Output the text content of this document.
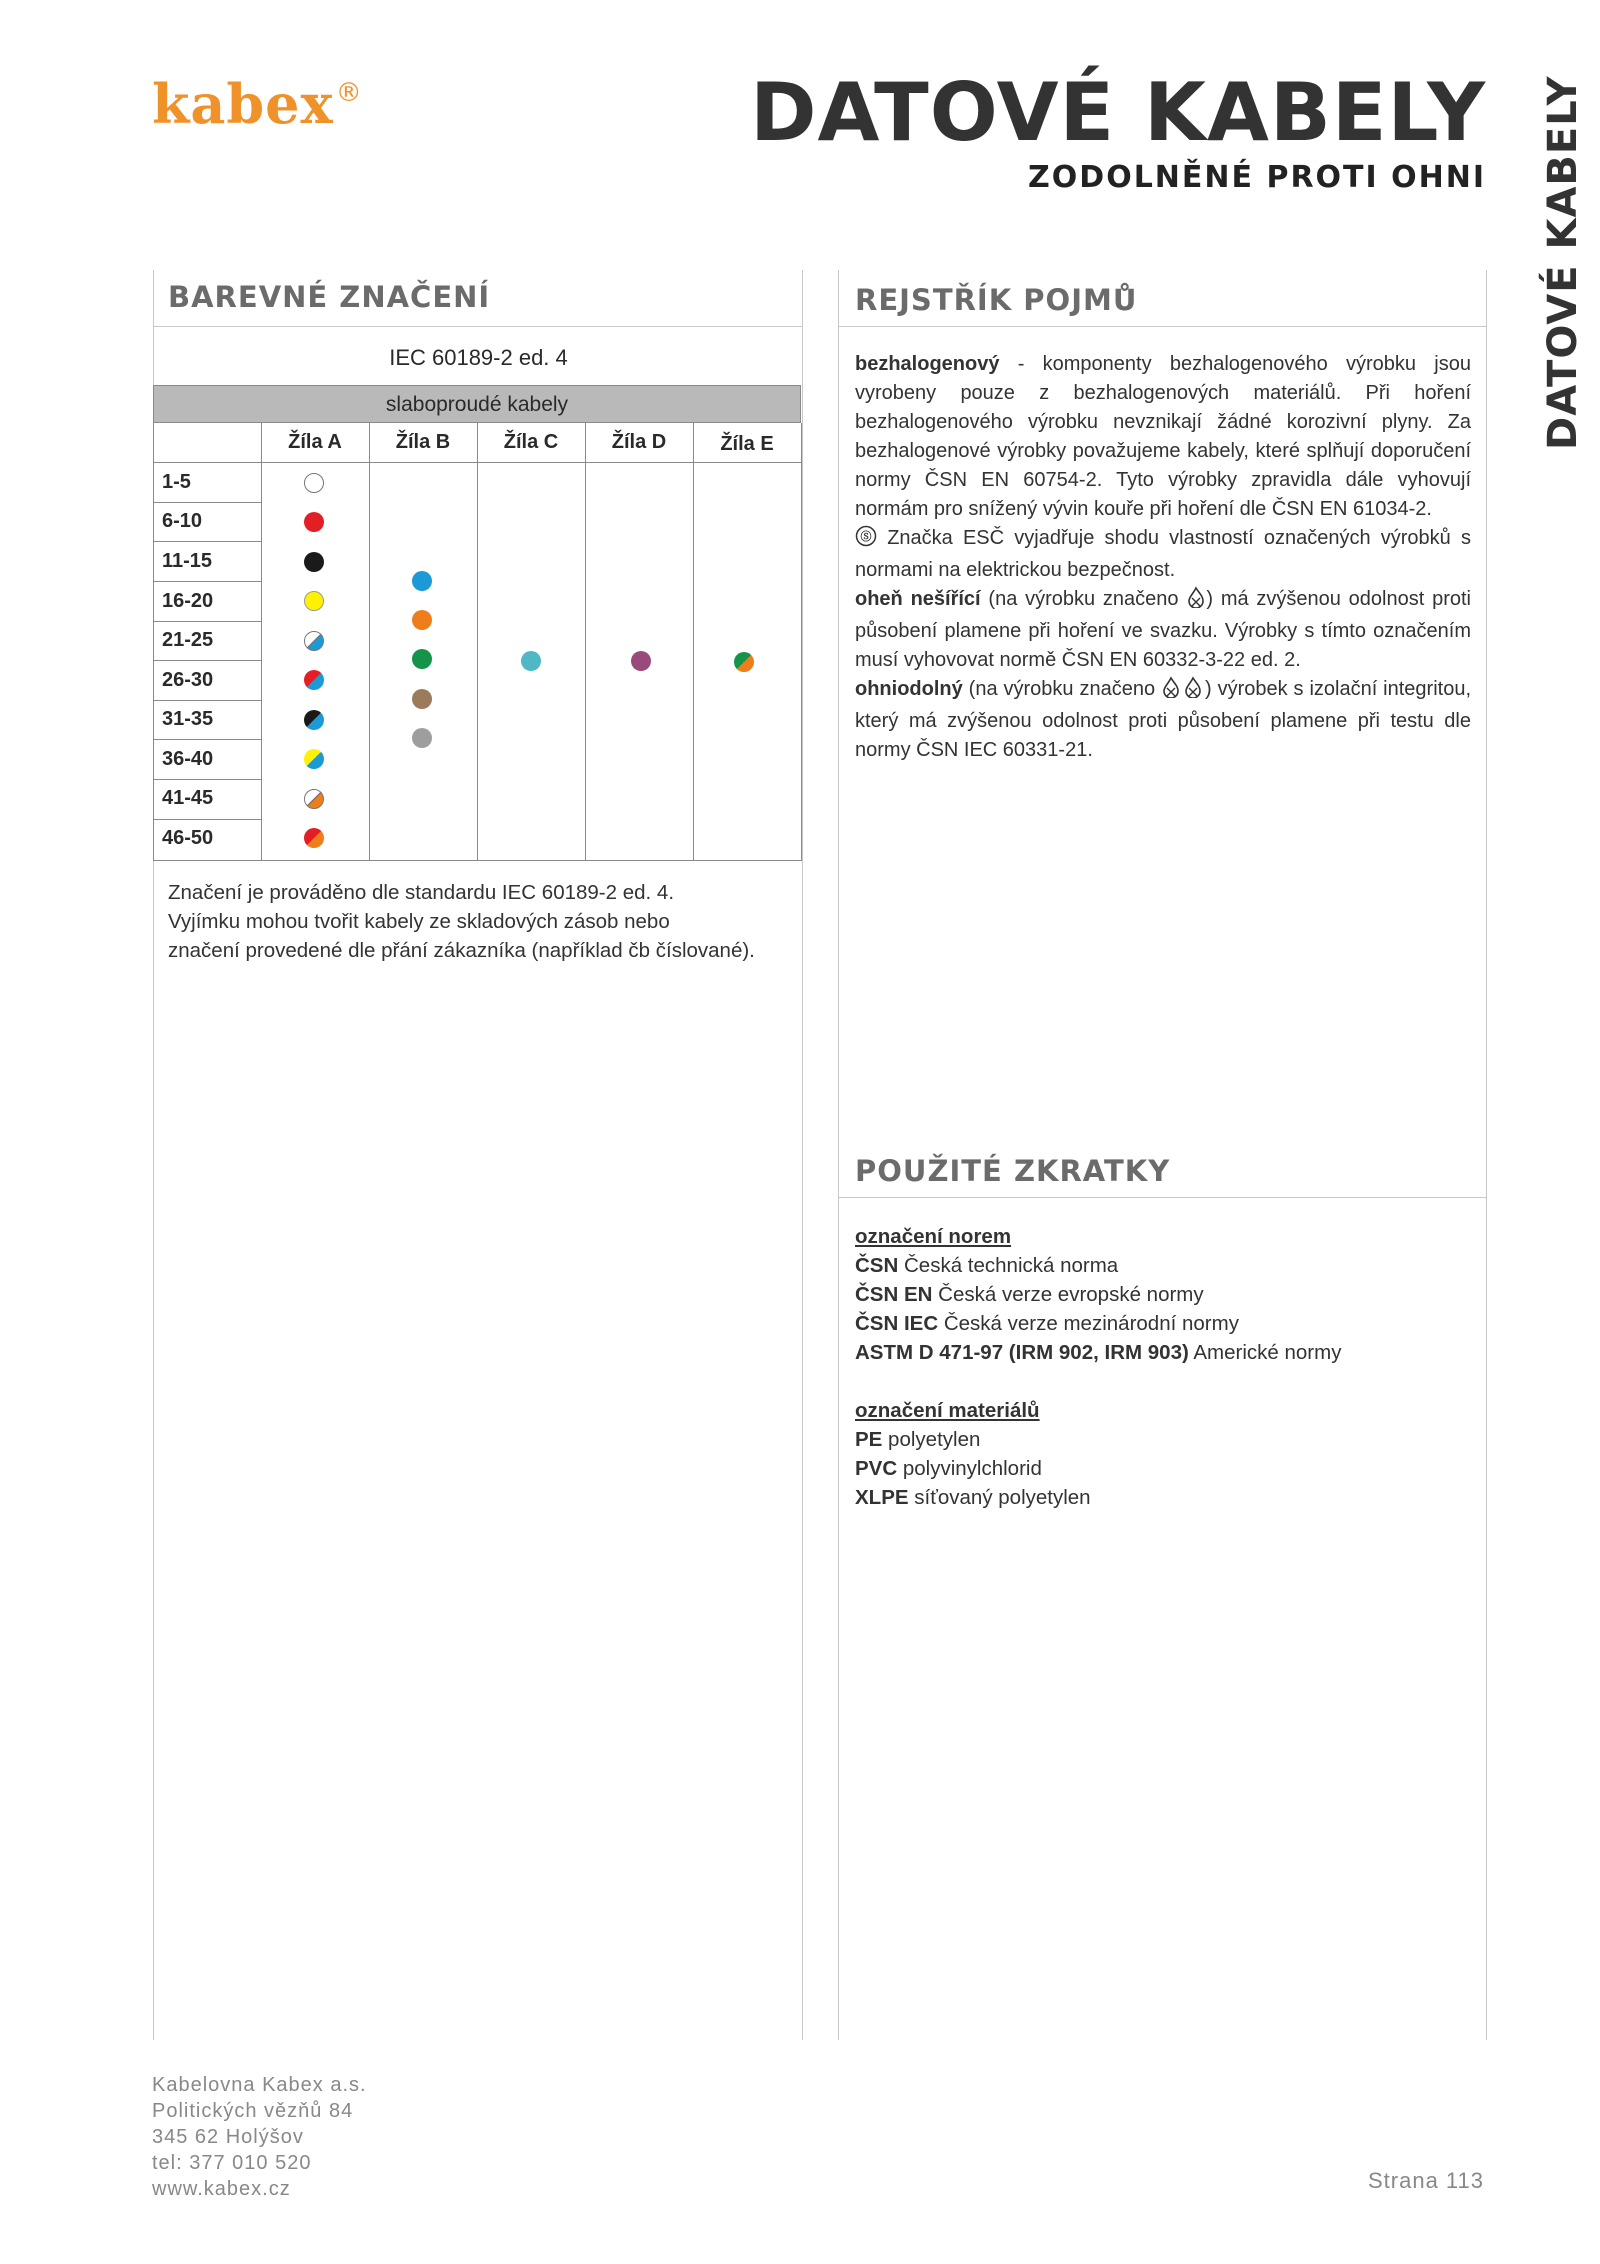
kabex®	DATOVÉ KABELY
ZODOLNĚNÉ PROTI OHNI DATOVÉ KABELY
BAREVNÉ ZNAČENÍ
IEC 60189-2 ed. 4
slaboproudé kabely
Žíla A	Žíla B	Žíla C	Žíla D	Žíla E
1-5
6-10
11-15
16-20
21-25
26-30
31-35
36-40
41-45
46-50
Značení je prováděno dle standardu IEC 60189-2 ed. 4.
Vyjímku mohou tvořit kabely ze skladových zásob nebo
značení provedené dle přání zákazníka (například čb číslované).
REJSTŘÍK POJMŮ

bezhalogenový - komponenty bezhalogenového výrobku jsou vyrobeny pouze z bezhalogenových materiálů. Při hoření bezhalogenového výrobku nevznikají žádné korozivní plyny. Za bezhalogenové výrobky považujeme kabely, které splňují doporučení normy ČSN EN 60754-2. Tyto výrobky zpravidla dále vyhovují normám pro snížený vývin kouře při hoření dle ČSN EN 61034-2.

Ⓢ Značka ESČ vyjadřuje shodu vlastností označených výrobků s normami na elektrickou bezpečnost.

oheň nešířící (na výrobku značeno ) má zvýšenou odolnost proti působení plamene při hoření ve svazku. Výrobky s tímto označením musí vyhovovat normě ČSN EN 60332-3-22 ed. 2.

ohniodolný (na výrobku značeno ) výrobek s izolační integritou, který má zvýšenou odolnost proti působení plamene při testu dle normy ČSN IEC 60331-21.

POUŽITÉ ZKRATKY
označení norem
ČSN Česká technická norma
ČSN EN Česká verze evropské normy
ČSN IEC Česká verze mezinárodní normy
ASTM D 471-97 (IRM 902, IRM 903) Americké normy
označení materiálů
PE polyetylen
PVC polyvinylchlorid
XLPE síťovaný polyetylen
Kabelovna Kabex a.s.
Politických vězňů 84
345 62 Holýšov
tel: 377 010 520
www.kabex.cz	Strana 113
